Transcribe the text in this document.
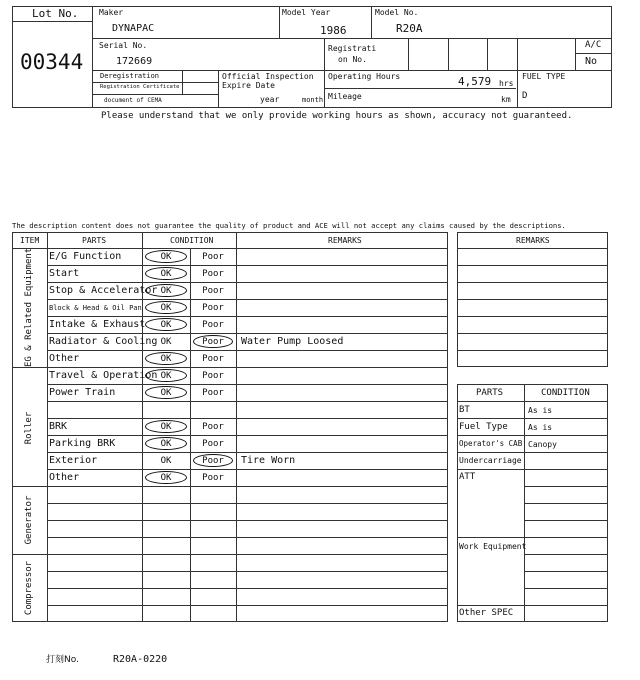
Lot No.
00344
Maker
DYNAPAC
Model Year
1986
Model No.
R20A
Serial No.
172669
Registrati
on No.
A/C
No
Deregistration
Registration Certificate
document of CEMA
Official Inspection
Expire Date
year	month
Operating Hours	4,579 hrs
Mileage	km
FUEL TYPE
D
Please understand that we only provide working hours as shown, accuracy not guaranteed.
The description content does not guarantee the quality of product and ACE will not accept any claims caused by the descriptions.
ITEM	PARTS	CONDITION	REMARKS
EG & Related Equipment
Roller
Generator
Compressor
E/G Function	OK	Poor
Start	OK	Poor
Stop & Accelerator OK	Poor
Block & Head & Oil Pan	OK	Poor
Intake & Exhaust	OK	Poor
Radiator & Cooling OK	Poor	Water Pump Loosed
Other	OK	Poor
Travel & Operation OK	Poor
Power Train	OK	Poor
BRK	OK	Poor
Parking BRK	OK	Poor
Exterior	OK	Poor	Tire Worn
Other	OK	Poor
REMARKS
PARTS	CONDITION
BT	As is
Fuel Type	As is
Operator's CAB Canopy
Undercarriage
ATT
Work Equipment
Other SPEC
打刻No.	R20A-0220
